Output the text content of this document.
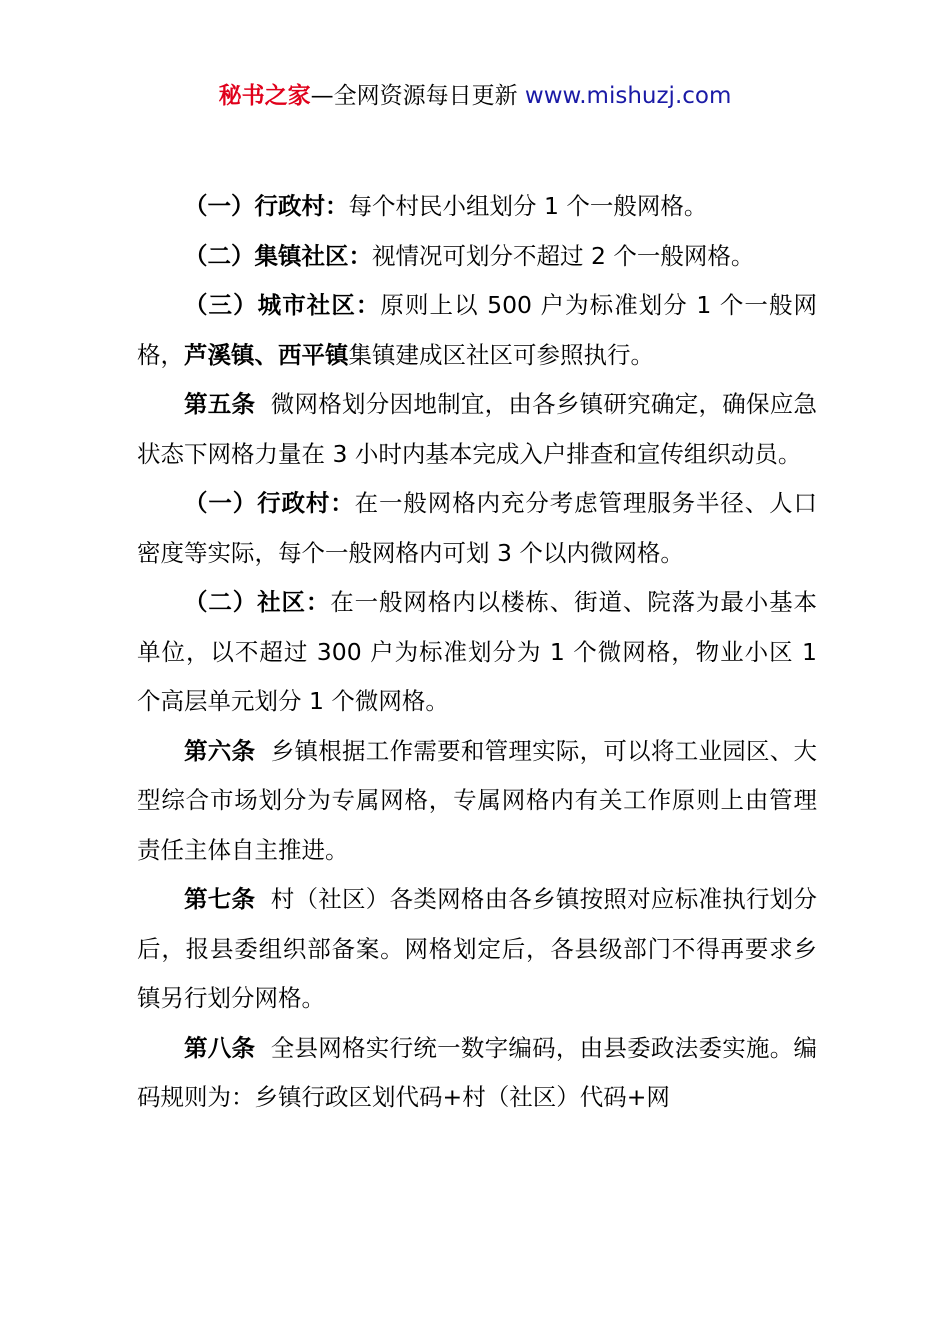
秘书之家—全网资源每日更新 www.mishuzj.com

（一）行政村：每个村民小组划分 1 个一般网格。

（二）集镇社区：视情况可划分不超过 2 个一般网格。

（三）城市社区：原则上以 500 户为标准划分 1 个一般网格，芦溪镇、西平镇集镇建成区社区可参照执行。

第五条  微网格划分因地制宜，由各乡镇研究确定，确保应急状态下网格力量在 3 小时内基本完成入户排查和宣传组织动员。

（一）行政村：在一般网格内充分考虑管理服务半径、人口密度等实际，每个一般网格内可划 3 个以内微网格。

（二）社区：在一般网格内以楼栋、街道、院落为最小基本单位，以不超过 300 户为标准划分为 1 个微网格，物业小区 1 个高层单元划分 1 个微网格。

第六条  乡镇根据工作需要和管理实际，可以将工业园区、大型综合市场划分为专属网格，专属网格内有关工作原则上由管理责任主体自主推进。

第七条  村（社区）各类网格由各乡镇按照对应标准执行划分后，报县委组织部备案。网格划定后，各县级部门不得再要求乡镇另行划分网格。

第八条  全县网格实行统一数字编码，由县委政法委实施。编码规则为：乡镇行政区划代码+村（社区）代码+网
